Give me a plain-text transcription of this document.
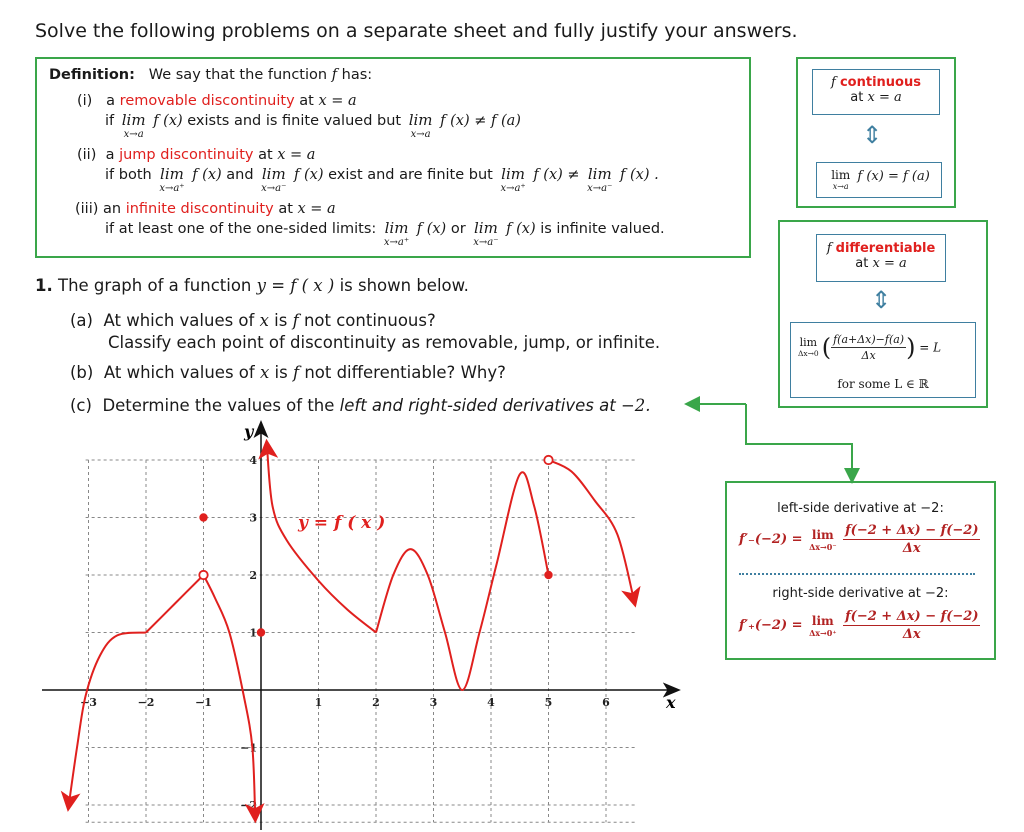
Solve the following problems on a separate sheet and fully justify your answers.
Definition: We say that the function f has:
(i) a removable discontinuity at x = a
if lim
x→a
f (x) exists and is finite valued but lim
x→a
f (x) ≠ f (a)
(ii) a jump discontinuity at x = a
if both lim
x→a⁺
f (x) and lim
x→a⁻
f (x) exist and are finite but lim
x→a⁺
f (x) ≠ lim
x→a⁻
f (x) .
(iii) an infinite discontinuity at x = a
if at least one of the one-sided limits: lim
x→a⁺
f (x) or lim
x→a⁻
f (x) is infinite valued.
f continuous
at x = a
⇕
lim
x→a
f (x) = f (a)
f differentiable
at x = a
⇕
lim
Δx→0 ( $\frac{f(a+\Delta x)-f(a)}{\Delta x}$ ) = L
for some L ∈ ℝ
1. The graph of a function y = f ( x ) is shown below.
(a) At which values of x is f not continuous?
Classify each point of discontinuity as removable, jump, or infinite.
(b) At which values of x is f not differentiable? Why?
(c) Determine the values of the left and right-sided derivatives at −2.
left-side derivative at −2:
f′₋(−2) = lim
Δx→0⁻
$\frac{f(-2 + \Delta x) - f(-2)}{\Delta x}$
right-side derivative at −2:
f′₊(−2) = lim
Δx→0⁺
$\frac{f(-2 + \Delta x) - f(-2)}{\Delta x}$
−3	−2	−1	1	2	3	4	5	6
−2
−1
1
2
3
4
y = f ( x )
x
y
